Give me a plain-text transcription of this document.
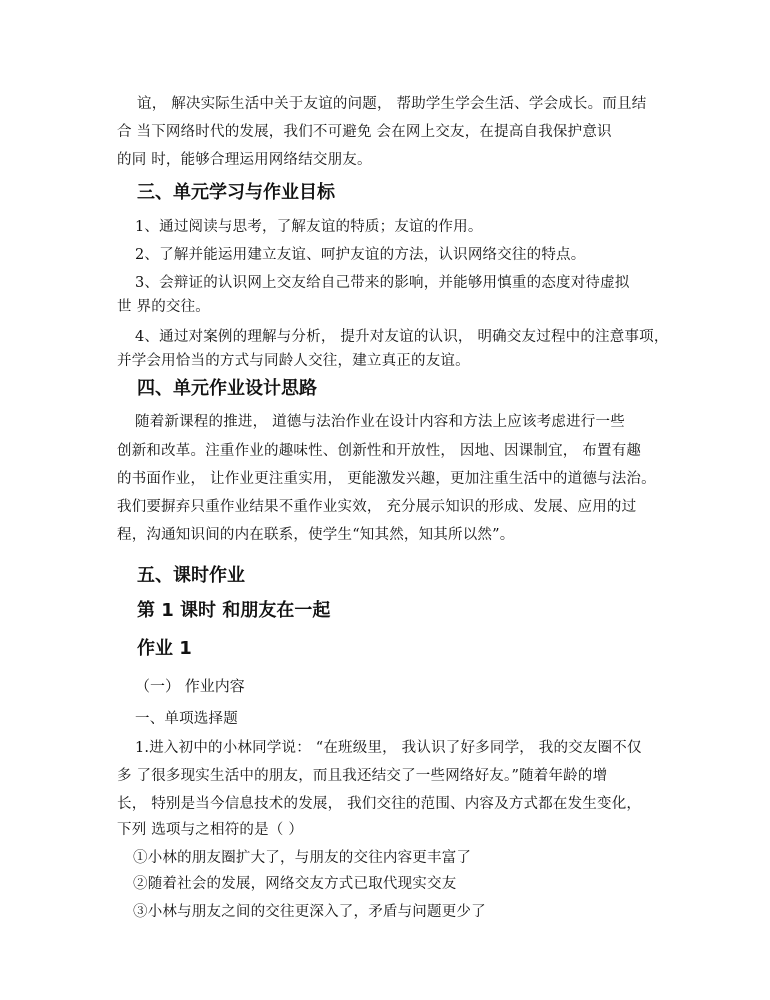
谊， 解决实际生活中关于友谊的问题， 帮助学生学会生活、学会成长。而且结
合 当下网络时代的发展，我们不可避免 会在网上交友，在提高自我保护意识
的同 时，能够合理运用网络结交朋友。
三、单元学习与作业目标
1、通过阅读与思考，了解友谊的特质；友谊的作用。
2、了解并能运用建立友谊、呵护友谊的方法，认识网络交往的特点。
3、会辩证的认识网上交友给自己带来的影响，并能够用慎重的态度对待虚拟
世 界的交往。
4、通过对案例的理解与分析， 提升对友谊的认识， 明确交友过程中的注意事项，
并学会用恰当的方式与同龄人交往，建立真正的友谊。
四、单元作业设计思路
随着新课程的推进， 道德与法治作业在设计内容和方法上应该考虑进行一些
创新和改革。注重作业的趣味性、创新性和开放性， 因地、因课制宜， 布置有趣
的书面作业， 让作业更注重实用， 更能激发兴趣，更加注重生活中的道德与法治。
我们要摒弃只重作业结果不重作业实效， 充分展示知识的形成、发展、应用的过
程，沟通知识间的内在联系，使学生“知其然，知其所以然”。
五、课时作业
第 1 课时 和朋友在一起
作业 1
（一） 作业内容
一、单项选择题
1.进入初中的小林同学说： “在班级里， 我认识了好多同学， 我的交友圈不仅
多 了很多现实生活中的朋友，而且我还结交了一些网络好友。”随着年龄的增
长， 特别是当今信息技术的发展， 我们交往的范围、内容及方式都在发生变化，
下列 选项与之相符的是（ ）
①小林的朋友圈扩大了，与朋友的交往内容更丰富了
②随着社会的发展，网络交友方式已取代现实交友
③小林与朋友之间的交往更深入了，矛盾与问题更少了
